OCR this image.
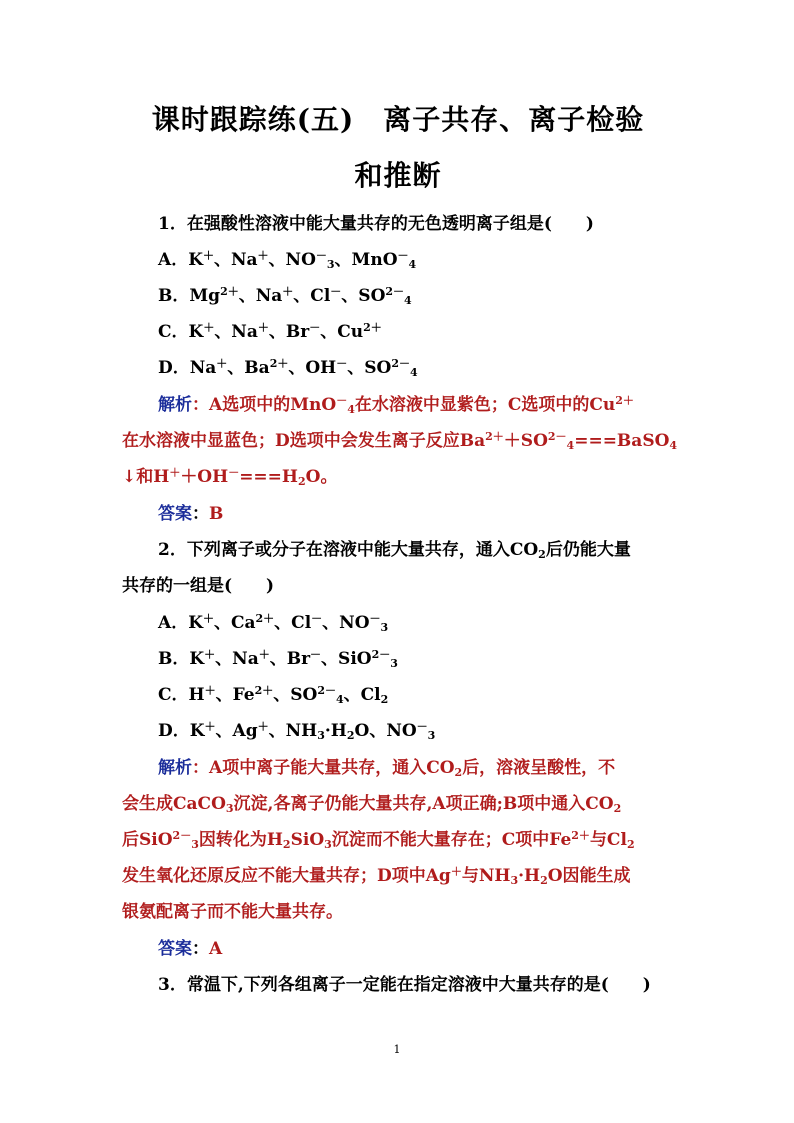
课时跟踪练(五)　离子共存、离子检验
和推断
1．在强酸性溶液中能大量共存的无色透明离子组是( )
A．K＋、Na＋、$NO^-_3$、MnO－$_4$
B．$Mg^{2+}$、Na＋、Cl－、$SO^{2-}_4$
C．K＋、Na＋、Br－、$Cu^{2+}$
D．Na＋、$Ba^{2+}$、OH－、$SO^{2-}_4$
解析：A选项中的MnO－$_4$在水溶液中显紫色；C选项中的$Cu^{2+}$
在水溶液中显蓝色；D选项中会发生离子反应$Ba^{2+}+SO^{2-}_4===BaSO_4$
↓和$H^++OH^-===H_2O$。
答案：B
2．下列离子或分子在溶液中能大量共存，通入$CO_2$后仍能大量
共存的一组是( )
A．K＋、$Ca^{2+}$、Cl－、$NO^-_3$
B．K＋、Na＋、Br－、SiO$^{2-}_3$
C．H＋、$Fe^{2+}$、$SO^{2-}_4$、$Cl_2$
D．K＋、Ag＋、$NH_3\cdot H_2O$、$NO^-_3$
解析：A项中离子能大量共存，通入$CO_2$后，溶液呈酸性，不
会生成CaCO$_3$沉淀,各离子仍能大量共存,A项正确;B项中通入$CO_2$
后SiO$^{2-}_3$因转化为$H_2SiO_3$沉淀而不能大量存在；C项中$Fe^{2+}$与$Cl_2$
发生氧化还原反应不能大量共存；D项中Ag＋与$NH_3\cdot H_2O$因能生成
银氨配离子而不能大量共存。
答案：A
3．常温下,下列各组离子一定能在指定溶液中大量共存的是( )
1
